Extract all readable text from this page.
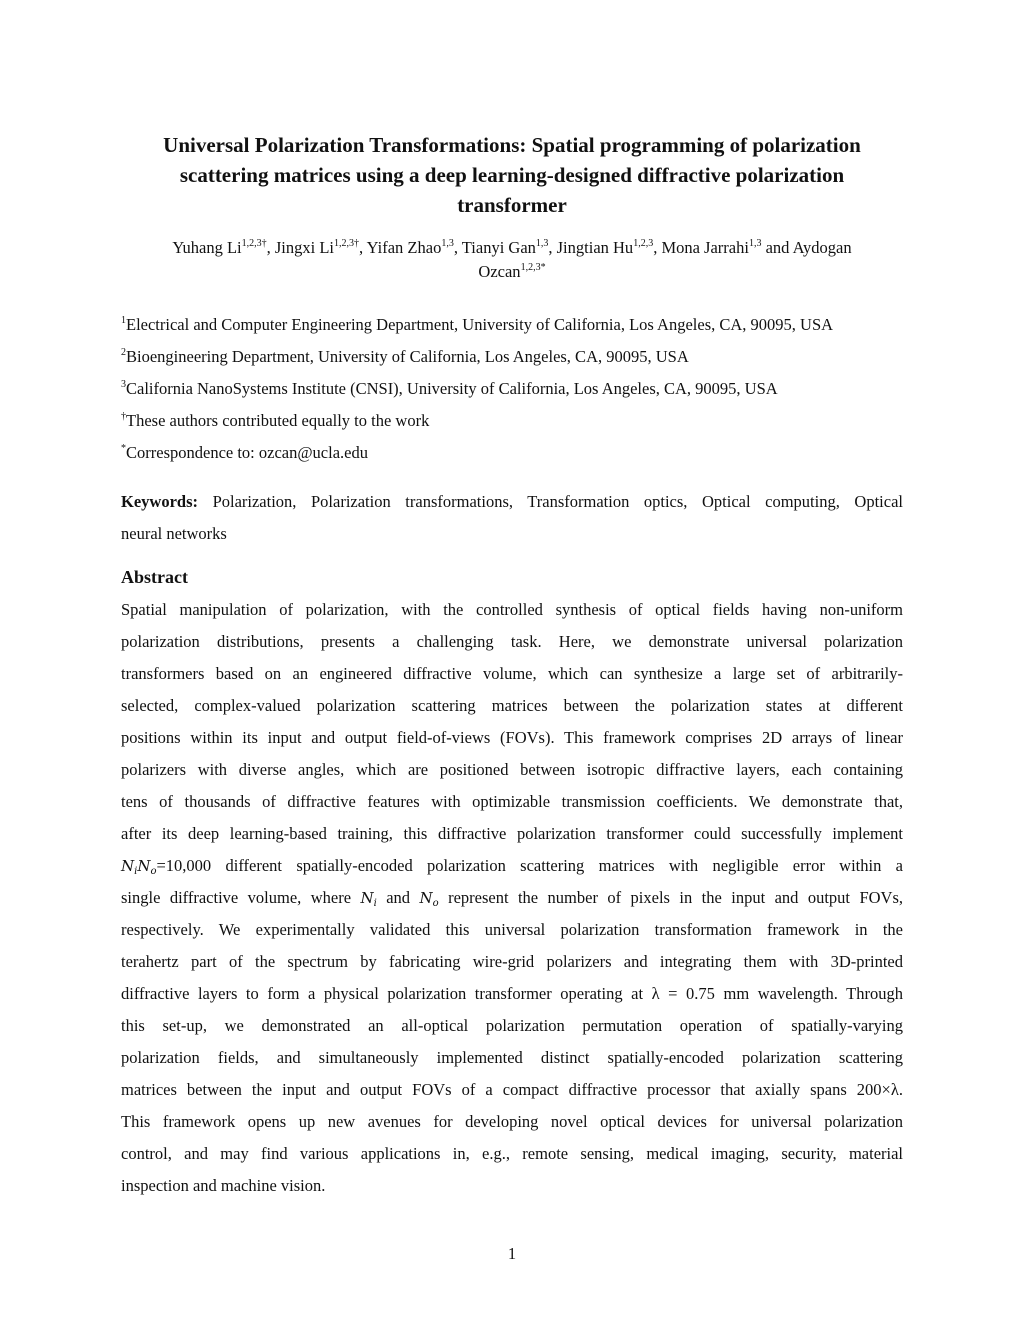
Universal Polarization Transformations: Spatial programming of polarization
scattering matrices using a deep learning-designed diffractive polarization
transformer
Yuhang $Li^{1,2,3\dagger}$, Jingxi $Li^{1,2,3\dagger}$, Yifan Zhao$^{1,3}$, Tianyi Gan$^{1,3}$, Jingtian Hu$^{1,2,3}$, Mona Jarrahi$^{1,3}$ and Aydogan
Ozcan$^{1,2,3*}$
$^1$Electrical and Computer Engineering Department, University of California, Los Angeles, CA, 90095, USA
$^2$Bioengineering Department, University of California, Los Angeles, CA, 90095, USA
$^3$California NanoSystems Institute (CNSI), University of California, Los Angeles, CA, 90095, USA
†These authors contributed equally to the work
*Correspondence to: ozcan@ucla.edu
Keywords: Polarization, Polarization transformations, Transformation optics, Optical computing, Optical
neural networks
Abstract
Spatial manipulation of polarization, with the controlled synthesis of optical fields having non-uniform
polarization distributions, presents a challenging task. Here, we demonstrate universal polarization
transformers based on an engineered diffractive volume, which can synthesize a large set of arbitrarily-
selected, complex-valued polarization scattering matrices between the polarization states at different
positions within its input and output field-of-views (FOVs). This framework comprises 2D arrays of linear
polarizers with diverse angles, which are positioned between isotropic diffractive layers, each containing
tens of thousands of diffractive features with optimizable transmission coefficients. We demonstrate that,
after its deep learning-based training, this diffractive polarization transformer could successfully implement
$N_iN_o=10,000$ different spatially-encoded polarization scattering matrices with negligible error within a
single diffractive volume, where $N_i$ and $N_o$ represent the number of pixels in the input and output FOVs,
respectively. We experimentally validated this universal polarization transformation framework in the
terahertz part of the spectrum by fabricating wire-grid polarizers and integrating them with 3D-printed
diffractive layers to form a physical polarization transformer operating at λ = 0.75 mm wavelength. Through
this set-up, we demonstrated an all-optical polarization permutation operation of spatially-varying
polarization fields, and simultaneously implemented distinct spatially-encoded polarization scattering
matrices between the input and output FOVs of a compact diffractive processor that axially spans 200×λ.
This framework opens up new avenues for developing novel optical devices for universal polarization
control, and may find various applications in, e.g., remote sensing, medical imaging, security, material
inspection and machine vision.
1
